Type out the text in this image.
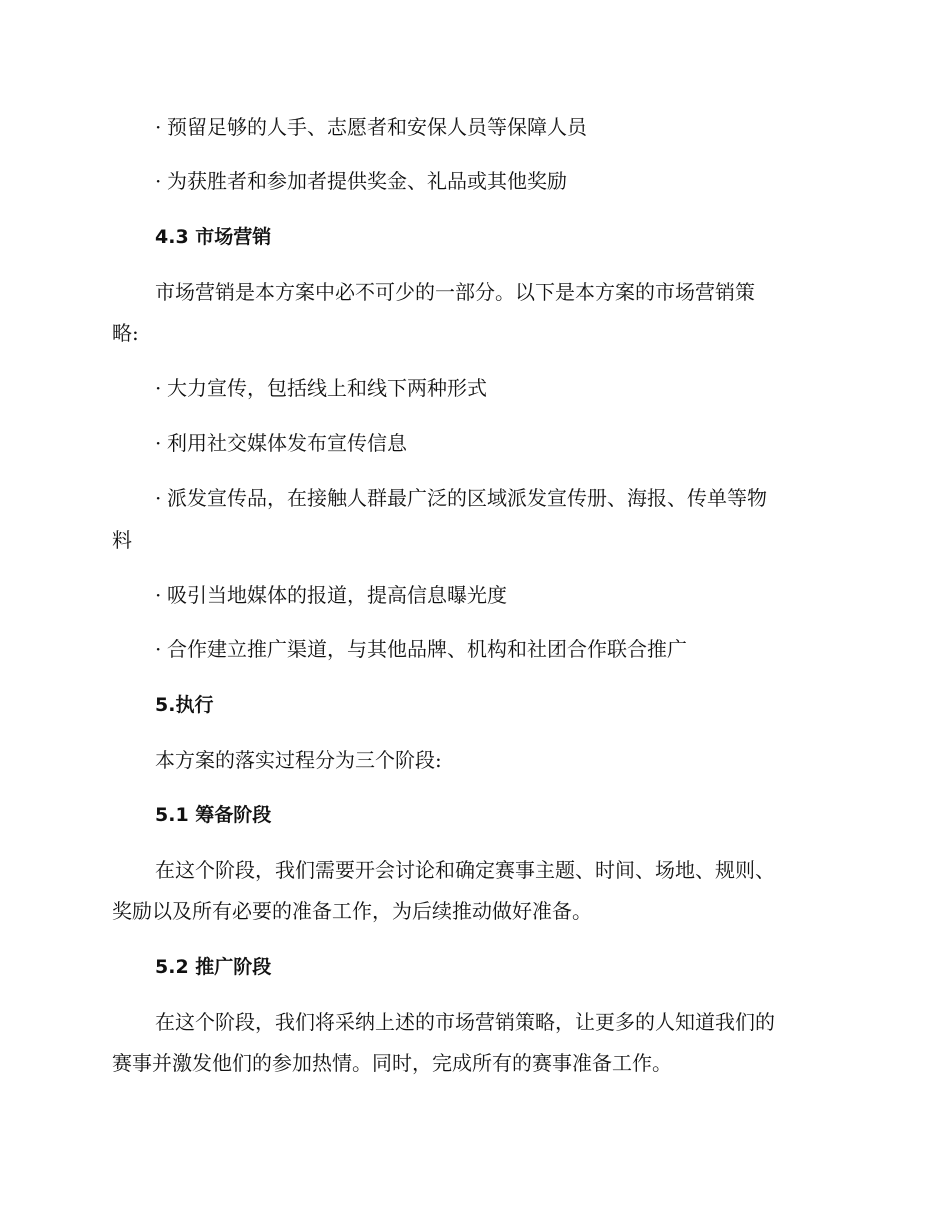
· 预留足够的人手、志愿者和安保人员等保障人员
· 为获胜者和参加者提供奖金、礼品或其他奖励
4.3 市场营销
市场营销是本方案中必不可少的一部分。以下是本方案的市场营销策
略:
· 大力宣传，包括线上和线下两种形式
· 利用社交媒体发布宣传信息
· 派发宣传品，在接触人群最广泛的区域派发宣传册、海报、传单等物
料
· 吸引当地媒体的报道，提高信息曝光度
· 合作建立推广渠道，与其他品牌、机构和社团合作联合推广
5.执行
本方案的落实过程分为三个阶段:
5.1 筹备阶段
在这个阶段，我们需要开会讨论和确定赛事主题、时间、场地、规则、
奖励以及所有必要的准备工作，为后续推动做好准备。
5.2 推广阶段
在这个阶段，我们将采纳上述的市场营销策略，让更多的人知道我们的
赛事并激发他们的参加热情。同时，完成所有的赛事准备工作。
